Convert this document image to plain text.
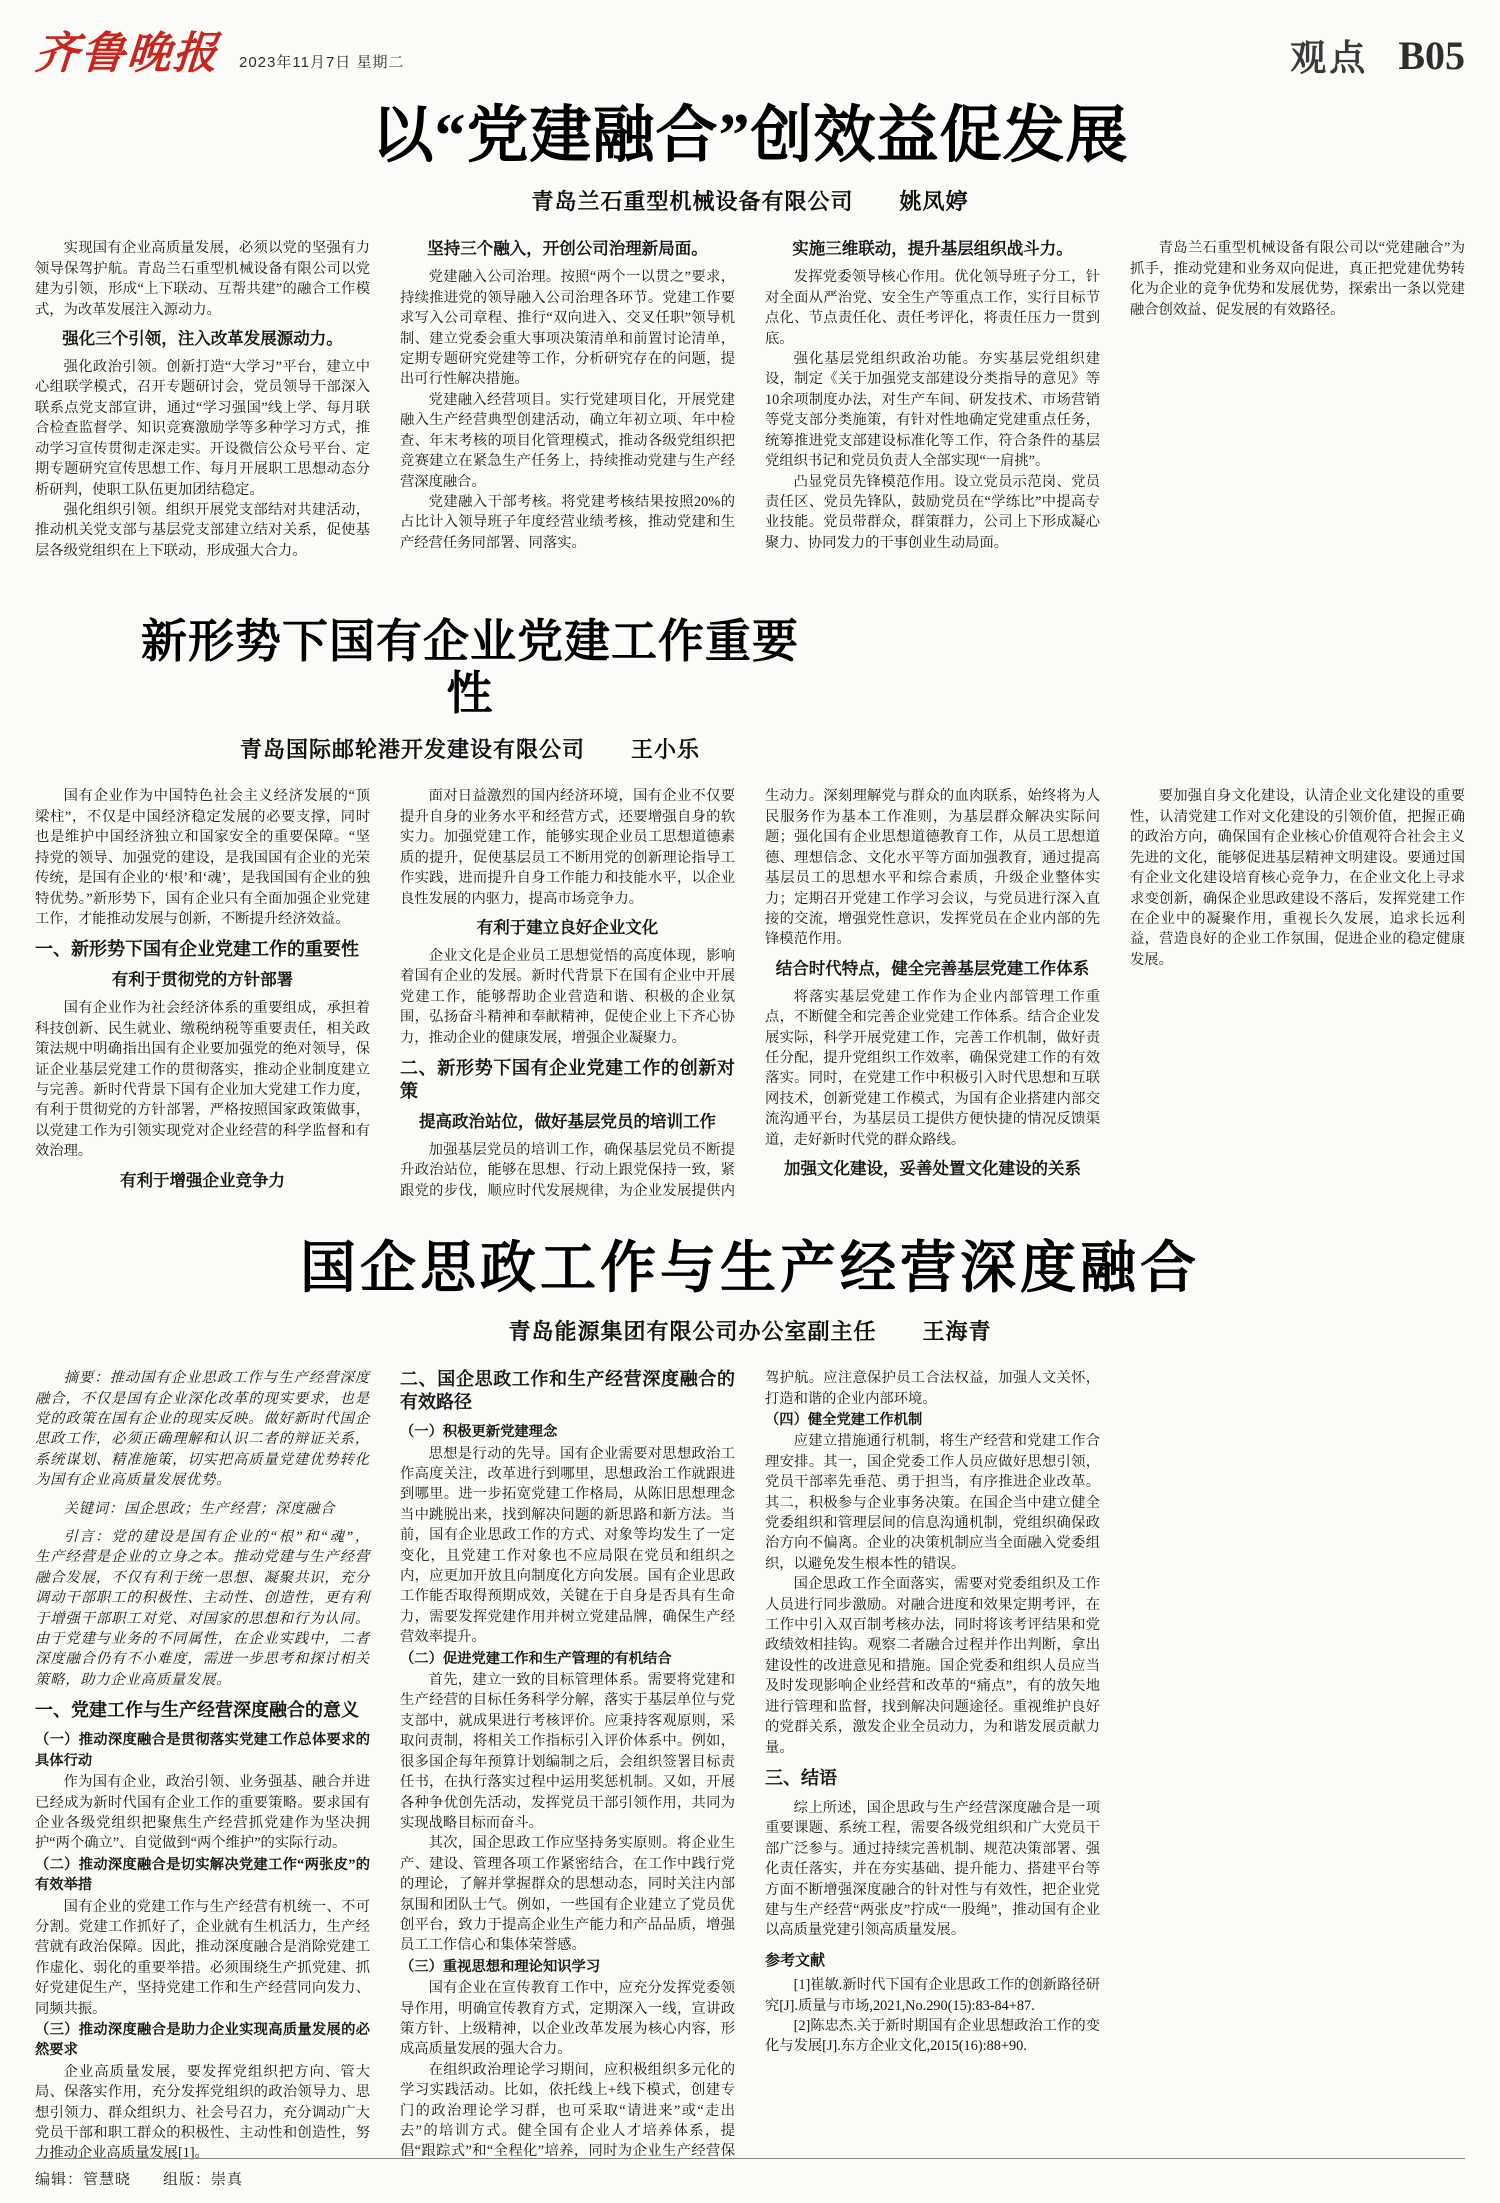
齐鲁晚报 2023年11月7日 星期二	观点 B05
以“党建融合”创效益促发展
青岛兰石重型机械设备有限公司　　姚凤婷
实现国有企业高质量发展，必须以党的坚强有力领导保驾护航。青岛兰石重型机械设备有限公司以党建为引领，形成“上下联动、互帮共建”的融合工作模式，为改革发展注入源动力。
强化三个引领，注入改革发展源动力。
强化政治引领。创新打造“大学习”平台，建立中心组联学模式，召开专题研讨会，党员领导干部深入联系点党支部宣讲，通过“学习强国”线上学、每月联合检查监督学、知识竞赛激励学等多种学习方式，推动学习宣传贯彻走深走实。开设微信公众号平台、定期专题研究宣传思想工作、每月开展职工思想动态分析研判，使职工队伍更加团结稳定。
强化组织引领。组织开展党支部结对共建活动，推动机关党支部与基层党支部建立结对关系，促使基层各级党组织在上下联动，形成强大合力。
坚持三个融入，开创公司治理新局面。
党建融入公司治理。按照“两个一以贯之”要求，持续推进党的领导融入公司治理各环节。党建工作要求写入公司章程、推行“双向进入、交叉任职”领导机制、建立党委会重大事项决策清单和前置讨论清单，定期专题研究党建等工作，分析研究存在的问题，提出可行性解决措施。
党建融入经营项目。实行党建项目化，开展党建融入生产经营典型创建活动，确立年初立项、年中检查、年末考核的项目化管理模式，推动各级党组织把竞赛建立在紧急生产任务上，持续推动党建与生产经营深度融合。
党建融入干部考核。将党建考核结果按照20%的占比计入领导班子年度经营业绩考核，推动党建和生产经营任务同部署、同落实。
实施三维联动，提升基层组织战斗力。
发挥党委领导核心作用。优化领导班子分工，针对全面从严治党、安全生产等重点工作，实行目标节点化、节点责任化、责任考评化，将责任压力一贯到底。
强化基层党组织政治功能。夯实基层党组织建设，制定《关于加强党支部建设分类指导的意见》等10余项制度办法，对生产车间、研发技术、市场营销等党支部分类施策，有针对性地确定党建重点任务，统筹推进党支部建设标准化等工作，符合条件的基层党组织书记和党员负责人全部实现“一肩挑”。
凸显党员先锋模范作用。设立党员示范岗、党员责任区、党员先锋队，鼓励党员在“学练比”中提高专业技能。党员带群众，群策群力，公司上下形成凝心聚力、协同发力的干事创业生动局面。
青岛兰石重型机械设备有限公司以“党建融合”为抓手，推动党建和业务双向促进，真正把党建优势转化为企业的竞争优势和发展优势，探索出一条以党建融合创效益、促发展的有效路径。
新形势下国有企业党建工作重要性
青岛国际邮轮港开发建设有限公司　　王小乐
国有企业作为中国特色社会主义经济发展的“顶梁柱”，不仅是中国经济稳定发展的必要支撑，同时也是维护中国经济独立和国家安全的重要保障。“坚持党的领导、加强党的建设，是我国国有企业的光荣传统，是国有企业的‘根’和‘魂’，是我国国有企业的独特优势。”新形势下，国有企业只有全面加强企业党建工作，才能推动发展与创新，不断提升经济效益。
一、新形势下国有企业党建工作的重要性
有利于贯彻党的方针部署
国有企业作为社会经济体系的重要组成，承担着科技创新、民生就业、缴税纳税等重要责任，相关政策法规中明确指出国有企业要加强党的绝对领导，保证企业基层党建工作的贯彻落实，推动企业制度建立与完善。新时代背景下国有企业加大党建工作力度，有利于贯彻党的方针部署，严格按照国家政策做事，以党建工作为引领实现党对企业经营的科学监督和有效治理。
有利于增强企业竞争力
面对日益激烈的国内经济环境，国有企业不仅要提升自身的业务水平和经营方式，还要增强自身的软实力。加强党建工作，能够实现企业员工思想道德素质的提升，促使基层员工不断用党的创新理论指导工作实践，进而提升自身工作能力和技能水平，以企业良性发展的内驱力，提高市场竞争力。
有利于建立良好企业文化
企业文化是企业员工思想觉悟的高度体现，影响着国有企业的发展。新时代背景下在国有企业中开展党建工作，能够帮助企业营造和谐、积极的企业氛围，弘扬奋斗精神和奉献精神，促使企业上下齐心协力，推动企业的健康发展，增强企业凝聚力。
二、新形势下国有企业党建工作的创新对策
提高政治站位，做好基层党员的培训工作
加强基层党员的培训工作，确保基层党员不断提升政治站位，能够在思想、行动上跟党保持一致，紧跟党的步伐，顺应时代发展规律，为企业发展提供内生动力。深刻理解党与群众的血肉联系，始终将为人民服务作为基本工作准则，为基层群众解决实际问题；强化国有企业思想道德教育工作，从员工思想道德、理想信念、文化水平等方面加强教育，通过提高基层员工的思想水平和综合素质，升级企业整体实力；定期召开党建工作学习会议，与党员进行深入直接的交流，增强党性意识，发挥党员在企业内部的先锋模范作用。
结合时代特点，健全完善基层党建工作体系
将落实基层党建工作作为企业内部管理工作重点，不断健全和完善企业党建工作体系。结合企业发展实际，科学开展党建工作，完善工作机制，做好责任分配，提升党组织工作效率，确保党建工作的有效落实。同时，在党建工作中积极引入时代思想和互联网技术，创新党建工作模式，为国有企业搭建内部交流沟通平台，为基层员工提供方便快捷的情况反馈渠道，走好新时代党的群众路线。
加强文化建设，妥善处置文化建设的关系
要加强自身文化建设，认清企业文化建设的重要性，认清党建工作对文化建设的引领价值，把握正确的政治方向，确保国有企业核心价值观符合社会主义先进的文化，能够促进基层精神文明建设。要通过国有企业文化建设培育核心竞争力，在企业文化上寻求求变创新，确保企业思政建设不落后，发挥党建工作在企业中的凝聚作用，重视长久发展，追求长远利益，营造良好的企业工作氛围，促进企业的稳定健康发展。
国企思政工作与生产经营深度融合
青岛能源集团有限公司办公室副主任　　王海青
摘要：推动国有企业思政工作与生产经营深度融合，不仅是国有企业深化改革的现实要求，也是党的政策在国有企业的现实反映。做好新时代国企思政工作，必须正确理解和认识二者的辩证关系，系统谋划、精准施策，切实把高质量党建优势转化为国有企业高质量发展优势。
关键词：国企思政；生产经营；深度融合
引言：党的建设是国有企业的“根”和“魂”，生产经营是企业的立身之本。推动党建与生产经营融合发展，不仅有利于统一思想、凝聚共识，充分调动干部职工的积极性、主动性、创造性，更有利于增强干部职工对党、对国家的思想和行为认同。由于党建与业务的不同属性，在企业实践中，二者深度融合仍有不小难度，需进一步思考和探讨相关策略，助力企业高质量发展。
一、党建工作与生产经营深度融合的意义
（一）推动深度融合是贯彻落实党建工作总体要求的具体行动
作为国有企业，政治引领、业务强基、融合并进已经成为新时代国有企业工作的重要策略。要求国有企业各级党组织把聚焦生产经营抓党建作为坚决拥护“两个确立”、自觉做到“两个维护”的实际行动。
（二）推动深度融合是切实解决党建工作“两张皮”的有效举措
国有企业的党建工作与生产经营有机统一、不可分割。党建工作抓好了，企业就有生机活力，生产经营就有政治保障。因此，推动深度融合是消除党建工作虚化、弱化的重要举措。必须围绕生产抓党建、抓好党建促生产，坚持党建工作和生产经营同向发力、同频共振。
（三）推动深度融合是助力企业实现高质量发展的必然要求
企业高质量发展，要发挥党组织把方向、管大局、保落实作用，充分发挥党组织的政治领导力、思想引领力、群众组织力、社会号召力，充分调动广大党员干部和职工群众的积极性、主动性和创造性，努力推动企业高质量发展[1]。
二、国企思政工作和生产经营深度融合的有效路径
（一）积极更新党建理念
思想是行动的先导。国有企业需要对思想政治工作高度关注，改革进行到哪里，思想政治工作就跟进到哪里。进一步拓宽党建工作格局，从陈旧思想理念当中跳脱出来，找到解决问题的新思路和新方法。当前，国有企业思政工作的方式、对象等均发生了一定变化，且党建工作对象也不应局限在党员和组织之内，应更加开放且向制度化方向发展。国有企业思政工作能否取得预期成效，关键在于自身是否具有生命力，需要发挥党建作用并树立党建品牌，确保生产经营效率提升。
（二）促进党建工作和生产管理的有机结合
首先，建立一致的目标管理体系。需要将党建和生产经营的目标任务科学分解，落实于基层单位与党支部中，就成果进行考核评价。应秉持客观原则，采取问责制，将相关工作指标引入评价体系中。例如，很多国企每年预算计划编制之后，会组织签署目标责任书，在执行落实过程中运用奖惩机制。又如，开展各种争优创先活动，发挥党员干部引领作用，共同为实现战略目标而奋斗。
其次，国企思政工作应坚持务实原则。将企业生产、建设、管理各项工作紧密结合，在工作中践行党的理论，了解并掌握群众的思想动态，同时关注内部氛围和团队士气。例如，一些国有企业建立了党员优创平台，致力于提高企业生产能力和产品品质，增强员工工作信心和集体荣誉感。
（三）重视思想和理论知识学习
国有企业在宣传教育工作中，应充分发挥党委领导作用，明确宣传教育方式，定期深入一线，宣讲政策方针、上级精神，以企业改革发展为核心内容，形成高质量发展的强大合力。
在组织政治理论学习期间，应积极组织多元化的学习实践活动。比如，依托线上+线下模式，创建专门的政治理论学习群，也可采取“请进来”或“走出去”的培训方式。健全国有企业人才培养体系，提倡“跟踪式”和“全程化”培养，同时为企业生产经营保驾护航。应注意保护员工合法权益，加强人文关怀，打造和谐的企业内部环境。
（四）健全党建工作机制
应建立措施通行机制，将生产经营和党建工作合理安排。其一，国企党委工作人员应做好思想引领，党员干部率先垂范、勇于担当，有序推进企业改革。其二，积极参与企业事务决策。在国企当中建立健全党委组织和管理层间的信息沟通机制，党组织确保政治方向不偏离。企业的决策机制应当全面融入党委组织，以避免发生根本性的错误。
国企思政工作全面落实，需要对党委组织及工作人员进行同步激励。对融合进度和效果定期考评，在工作中引入双百制考核办法，同时将该考评结果和党政绩效相挂钩。观察二者融合过程并作出判断，拿出建设性的改进意见和措施。国企党委和组织人员应当及时发现影响企业经营和改革的“痛点”，有的放矢地进行管理和监督，找到解决问题途径。重视维护良好的党群关系，激发企业全员动力，为和谐发展贡献力量。
三、结语
综上所述，国企思政与生产经营深度融合是一项重要课题、系统工程，需要各级党组织和广大党员干部广泛参与。通过持续完善机制、规范决策部署、强化责任落实，并在夯实基础、提升能力、搭建平台等方面不断增强深度融合的针对性与有效性，把企业党建与生产经营“两张皮”拧成“一股绳”，推动国有企业以高质量党建引领高质量发展。
参考文献
[1]崔敏.新时代下国有企业思政工作的创新路径研究[J].质量与市场,2021,No.290(15):83-84+87.
[2]陈忠杰.关于新时期国有企业思想政治工作的变化与发展[J].东方企业文化,2015(16):88+90.
编辑：管慧晓　　组版：崇真
